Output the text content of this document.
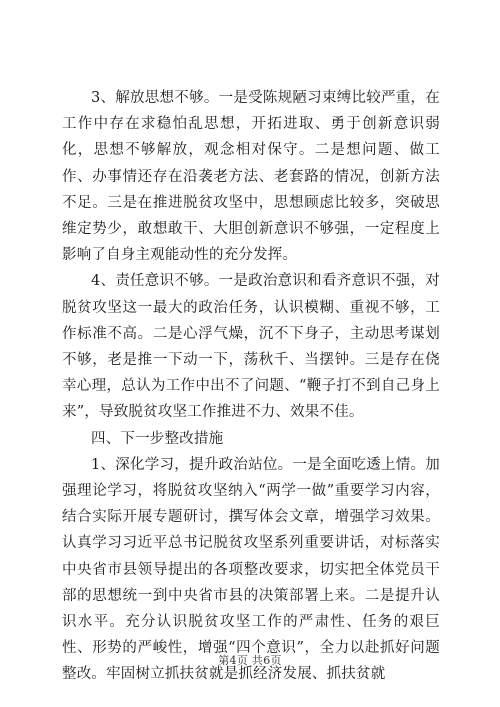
3、解放思想不够。一是受陈规陋习束缚比较严重，在工作中存在求稳怕乱思想，开拓进取、勇于创新意识弱化，思想不够解放，观念相对保守。二是想问题、做工作、办事情还存在沿袭老方法、老套路的情况，创新方法不足。三是在推进脱贫攻坚中，思想顾虑比较多，突破思维定势少，敢想敢干、大胆创新意识不够强，一定程度上影响了自身主观能动性的充分发挥。

4、责任意识不够。一是政治意识和看齐意识不强，对脱贫攻坚这一最大的政治任务，认识模糊、重视不够，工作标准不高。二是心浮气燥，沉不下身子，主动思考谋划不够，老是推一下动一下，荡秋千、当摆钟。三是存在侥幸心理，总认为工作中出不了问题、“鞭子打不到自己身上来”，导致脱贫攻坚工作推进不力、效果不佳。

四、下一步整改措施

1、深化学习，提升政治站位。一是全面吃透上情。加强理论学习，将脱贫攻坚纳入“两学一做”重要学习内容，结合实际开展专题研讨，撰写体会文章，增强学习效果。认真学习习近平总书记脱贫攻坚系列重要讲话，对标落实中央省市县领导提出的各项整改要求，切实把全体党员干部的思想统一到中央省市县的决策部署上来。二是提升认识水平。充分认识脱贫攻坚工作的严肃性、任务的艰巨性、形势的严峻性，增强“四个意识”，全力以赴抓好问题整改。牢固树立抓扶贫就是抓经济发展、抓扶贫就

第4页 共6页
